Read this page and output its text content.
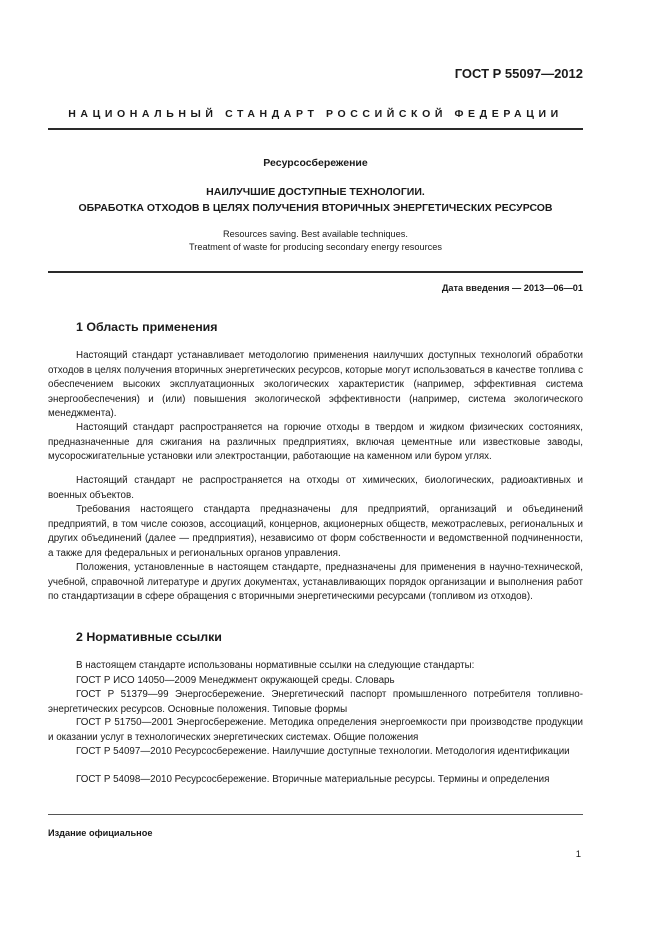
ГОСТ Р 55097—2012
НАЦИОНАЛЬНЫЙ СТАНДАРТ РОССИЙСКОЙ ФЕДЕРАЦИИ
Ресурсосбережение
НАИЛУЧШИЕ ДОСТУПНЫЕ ТЕХНОЛОГИИ.
ОБРАБОТКА ОТХОДОВ В ЦЕЛЯХ ПОЛУЧЕНИЯ ВТОРИЧНЫХ ЭНЕРГЕТИЧЕСКИХ РЕСУРСОВ
Resources saving. Best available techniques.
Treatment of waste for producing secondary energy resources
Дата введения — 2013—06—01
1 Область применения
Настоящий стандарт устанавливает методологию применения наилучших доступных технологий обработки отходов в целях получения вторичных энергетических ресурсов, которые могут использоваться в качестве топлива с обеспечением высоких эксплуатационных экологических характеристик (например, эффективная система энергообеспечения) и (или) повышения экологической эффективности (например, система экологического менеджмента).
Настоящий стандарт распространяется на горючие отходы в твердом и жидком физических состояниях, предназначенные для сжигания на различных предприятиях, включая цементные или известковые заводы, мусоросжигательные установки или электростанции, работающие на каменном или буром углях.
Настоящий стандарт не распространяется на отходы от химических, биологических, радиоактивных и военных объектов.
Требования настоящего стандарта предназначены для предприятий, организаций и объединений предприятий, в том числе союзов, ассоциаций, концернов, акционерных обществ, межотраслевых, региональных и других объединений (далее — предприятия), независимо от форм собственности и ведомственной подчиненности, а также для федеральных и региональных органов управления.
Положения, установленные в настоящем стандарте, предназначены для применения в научно-технической, учебной, справочной литературе и других документах, устанавливающих порядок организации и выполнения работ по стандартизации в сфере обращения с вторичными энергетическими ресурсами (топливом из отходов).
2 Нормативные ссылки
В настоящем стандарте использованы нормативные ссылки на следующие стандарты:
ГОСТ Р ИСО 14050—2009 Менеджмент окружающей среды. Словарь
ГОСТ Р 51379—99 Энергосбережение. Энергетический паспорт промышленного потребителя топливно-энергетических ресурсов. Основные положения. Типовые формы
ГОСТ Р 51750—2001 Энергосбережение. Методика определения энергоемкости при производстве продукции и оказании услуг в технологических энергетических системах. Общие положения
ГОСТ Р 54097—2010 Ресурсосбережение. Наилучшие доступные технологии. Методология идентификации
ГОСТ Р 54098—2010 Ресурсосбережение. Вторичные материальные ресурсы. Термины и определения
Издание официальное
1
